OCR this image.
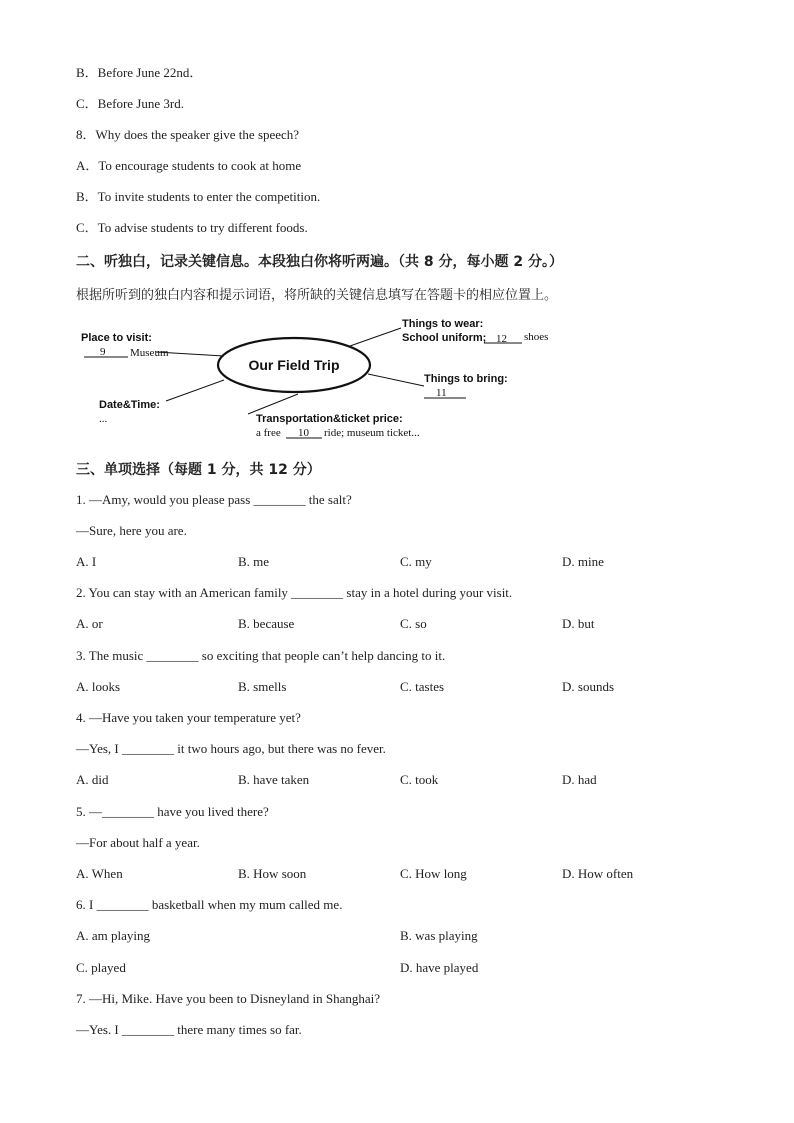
B．Before June 22nd．
C．Before June 3rd.
8．Why does the speaker give the speech?
A．To encourage students to cook at home
B．To invite students to enter the competition.
C．To advise students to try different foods.
二、听独白，记录关键信息。本段独白你将听两遍。（共 8 分，每小题 2 分。）
根据所听到的独白内容和提示词语，将所缺的关键信息填写在答题卡的相应位置上。
Our Field Trip
Place to visit:
9 Museum
Date&Time:
...
Things to wear:
School uniform; 12 shoes
Things to bring:
11
Transportation&ticket price:
a free 10 ride; museum ticket...
三、单项选择（每题 1 分，共 12 分）
1. —Amy, would you please pass ________ the salt?
—Sure, here you are.
A. I	B. me	C. my	D. mine
2. You can stay with an American family ________ stay in a hotel during your visit.
A. or	B. because	C. so	D. but
3. The music ________ so exciting that people can’t help dancing to it.
A. looks	B. smells	C. tastes	D. sounds
4. —Have you taken your temperature yet?
—Yes, I ________ it two hours ago, but there was no fever.
A. did	B. have taken	C. took	D. had
5. —________ have you lived there?
—For about half a year.
A. When	B. How soon	C. How long	D. How often
6. I ________ basketball when my mum called me.
A. am playing	B. was playing
C. played	D. have played
7. —Hi, Mike. Have you been to Disneyland in Shanghai?
—Yes. I ________ there many times so far.
